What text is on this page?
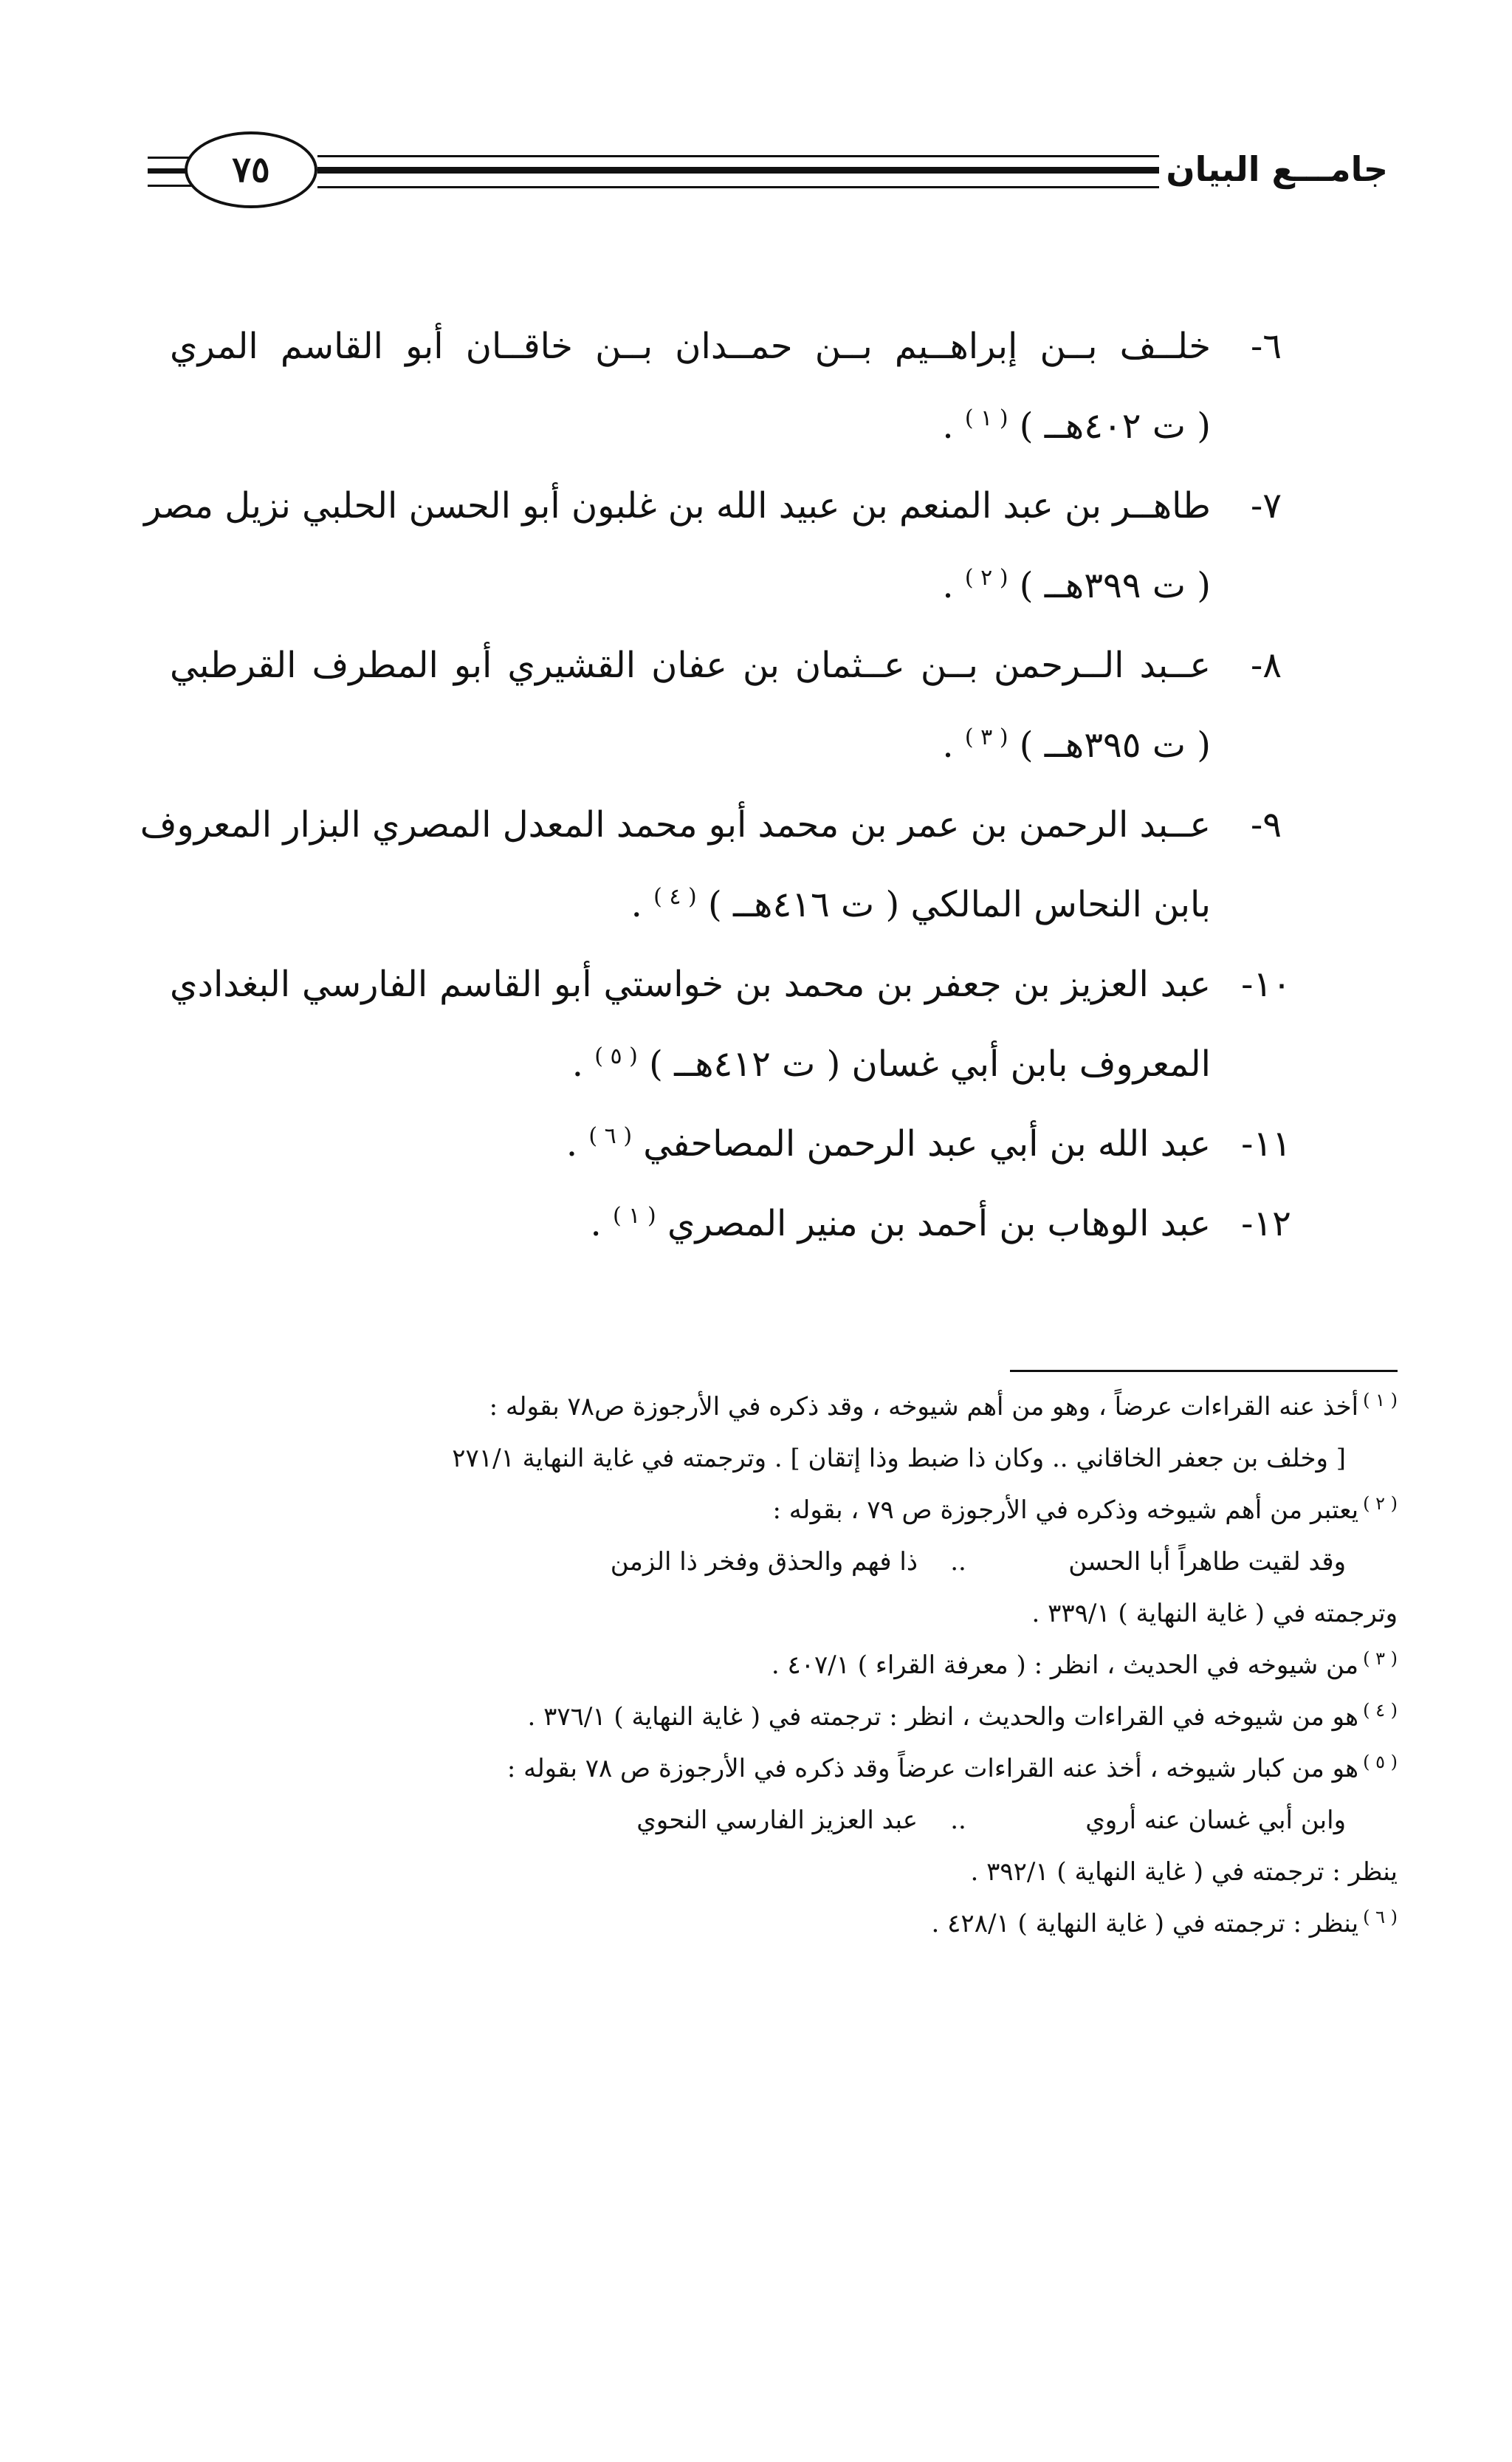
جامـــع البيان
٧٥
٦-
خلــف بــن إبراهــيم بــن حمــدان بــن خاقــان أبو القاسم المري
( ت ٤٠٢هــ ) $^{( ١ )}$ .
٧-
طاهــر بن عبد المنعم بن عبيد الله بن غلبون أبو الحسن الحلبي نزيل مصر
( ت ٣٩٩هــ ) $^{( ٢ )}$ .
٨-
عــبد الــرحمن بــن عــثمان بن عفان القشيري أبو المطرف القرطبي
( ت ٣٩٥هــ ) $^{( ٣ )}$ .
٩-
عــبد الرحمن بن عمر بن محمد أبو محمد المعدل المصري البزار المعروف
بابن النحاس المالكي ( ت ٤١٦هــ ) $^{( ٤ )}$ .
١٠-
عبد العزيز بن جعفر بن محمد بن خواستي أبو القاسم الفارسي البغدادي
المعروف بابن أبي غسان ( ت ٤١٢هــ ) $^{( ٥ )}$ .
١١-
عبد الله بن أبي عبد الرحمن المصاحفي $^{( ٦ )}$ .
١٢-
عبد الوهاب بن أحمد بن منير المصري $^{( ١ )}$ .
$^{( ١ )}$أخذ عنه القراءات عرضاً ، وهو من أهم شيوخه ، وقد ذكره في الأرجوزة ص٧٨ بقوله :
[ وخلف بن جعفر الخاقاني .. وكان ذا ضبط وذا إتقان ] . وترجمته في غاية النهاية ٢٧١/١
$^{( ٢ )}$يعتبر من أهم شيوخه وذكره في الأرجوزة ص ٧٩ ، بقوله :
وقد لقيت طاهراً أبا الحسن
..
ذا فهم والحذق وفخر ذا الزمن
وترجمته في ( غاية النهاية ) ٣٣٩/١ .
$^{( ٣ )}$من شيوخه في الحديث ، انظر : ( معرفة القراء ) ٤٠٧/١ .
$^{( ٤ )}$هو من شيوخه في القراءات والحديث ، انظر : ترجمته في ( غاية النهاية ) ٣٧٦/١ .
$^{( ٥ )}$هو من كبار شيوخه ، أخذ عنه القراءات عرضاً وقد ذكره في الأرجوزة ص ٧٨ بقوله :
وابن أبي غسان عنه أروي
..
عبد العزيز الفارسي النحوي
ينظر : ترجمته في ( غاية النهاية ) ٣٩٢/١ .
$^{( ٦ )}$ينظر : ترجمته في ( غاية النهاية ) ٤٢٨/١ .
